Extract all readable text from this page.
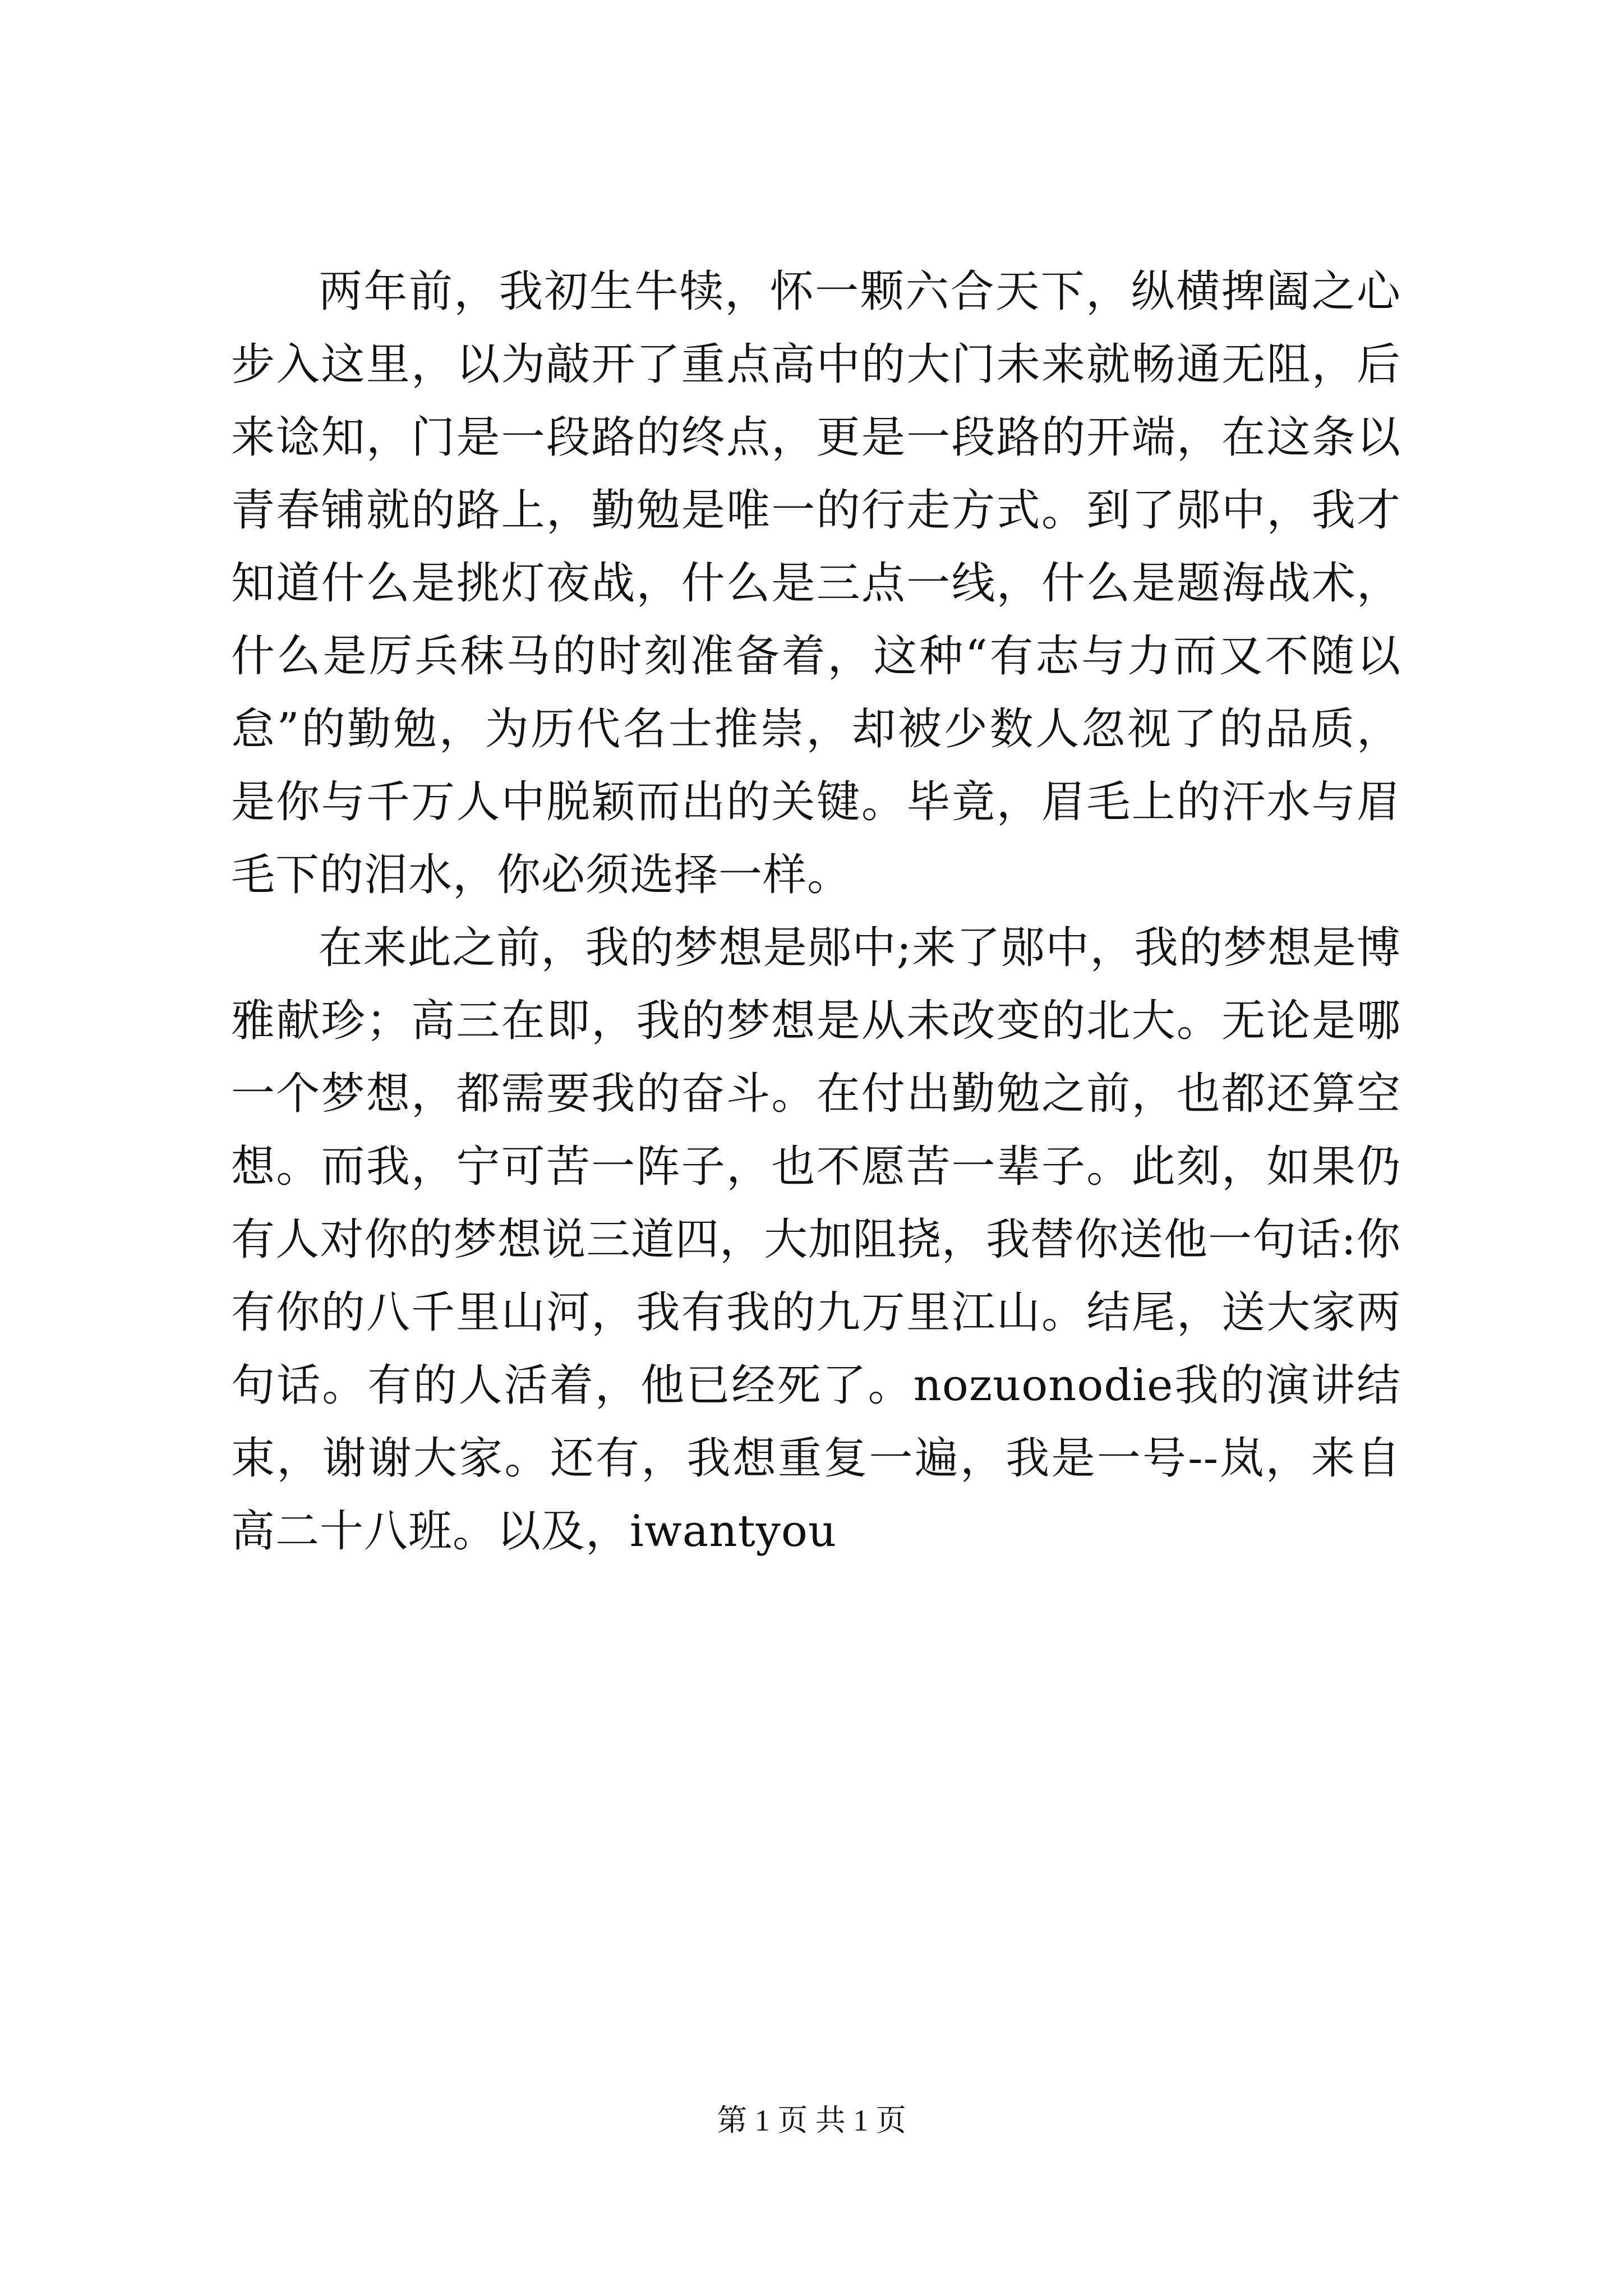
两年前，我初生牛犊，怀一颗六合天下，纵横捭阖之心步入这里，以为敲开了重点高中的大门未来就畅通无阻，后来谂知，门是一段路的终点，更是一段路的开端，在这条以青春铺就的路上，勤勉是唯一的行走方式。到了郧中，我才知道什么是挑灯夜战，什么是三点一线，什么是题海战术，什么是厉兵秣马的时刻准备着，这种“有志与力而又不随以怠”的勤勉，为历代名士推崇，却被少数人忽视了的品质，是你与千万人中脱颖而出的关键。毕竟，眉毛上的汗水与眉毛下的泪水，你必须选择一样。

在来此之前，我的梦想是郧中;来了郧中，我的梦想是博雅献珍；高三在即，我的梦想是从未改变的北大。无论是哪一个梦想，都需要我的奋斗。在付出勤勉之前，也都还算空想。而我，宁可苦一阵子，也不愿苦一辈子。此刻，如果仍有人对你的梦想说三道四，大加阻挠，我替你送他一句话:你有你的八千里山河，我有我的九万里江山。结尾，送大家两句话。有的人活着，他已经死了。nozuonodie我的演讲结束，谢谢大家。还有，我想重复一遍，我是一号--岚，来自高二十八班。以及，iwantyou

第 1 页 共 1 页
